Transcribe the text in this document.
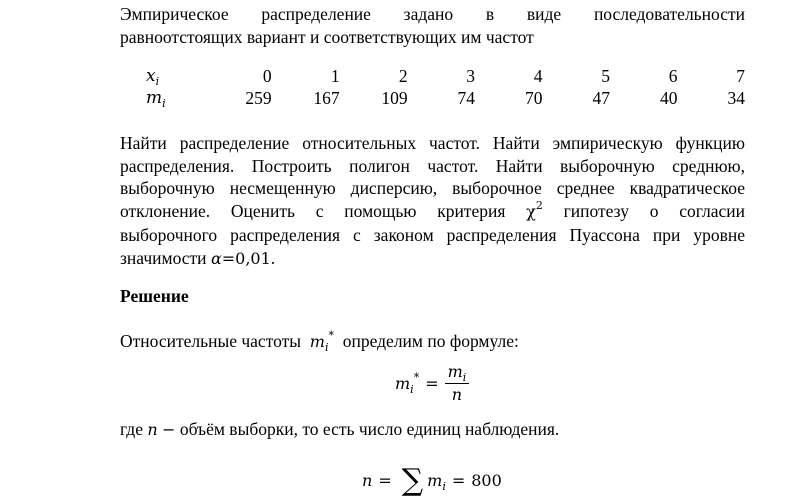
Эмпирическое распределение задано в виде последовательности
равноотстоящих вариант и соответствующих им частот

$x_i$	0	1	2	3	4	5	6	7
$m_i$	259	167	109	74	70	47	40	34

Найти распределение относительных частот. Найти эмпирическую функцию
распределения. Построить полигон частот. Найти выборочную среднюю,
выборочную несмещенную дисперсию, выборочное среднее квадратическое
отклонение. Оценить с помощью критерия $\chi^2$ гипотезу о согласии
выборочного распределения с законом распределения Пуассона при уровне
значимости α=0,01.

Решение

Относительные частоты $m_i^*$ определим по формуле:

$m_i^* = \frac{m_i}{n}$

где n − объём выборки, то есть число единиц наблюдения.

n = ∑ $m_i = 800$
